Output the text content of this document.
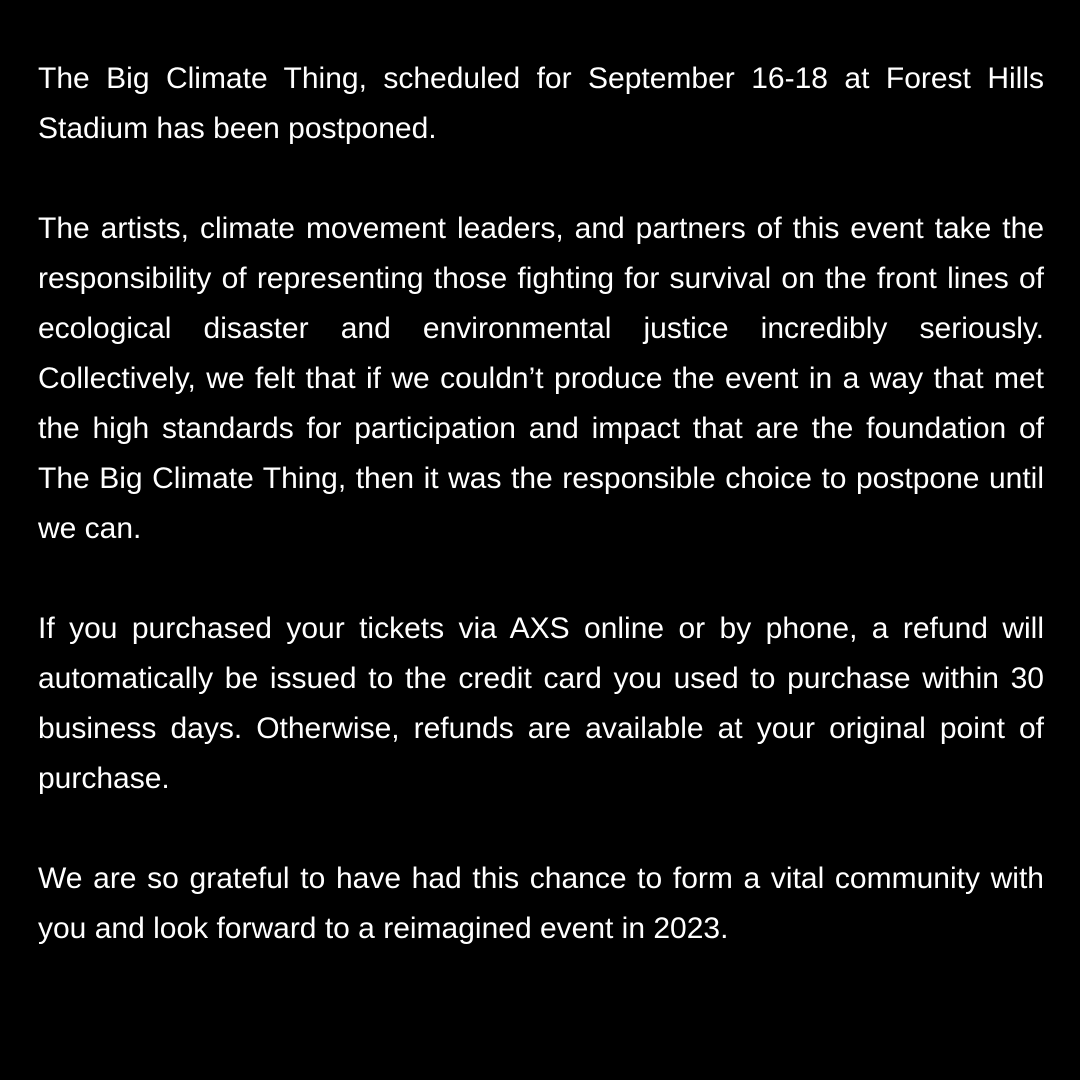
The Big Climate Thing, scheduled for September 16-18 at Forest Hills Stadium has been postponed.

The artists, climate movement leaders, and partners of this event take the responsibility of representing those fighting for survival on the front lines of ecological disaster and environmental justice incredibly seriously. Collectively, we felt that if we couldn’t produce the event in a way that met the high standards for participation and impact that are the foundation of The Big Climate Thing, then it was the responsible choice to postpone until we can.

If you purchased your tickets via AXS online or by phone, a refund will automatically be issued to the credit card you used to purchase within 30 business days. Otherwise, refunds are available at your original point of purchase.

We are so grateful to have had this chance to form a vital community with you and look forward to a reimagined event in 2023.
